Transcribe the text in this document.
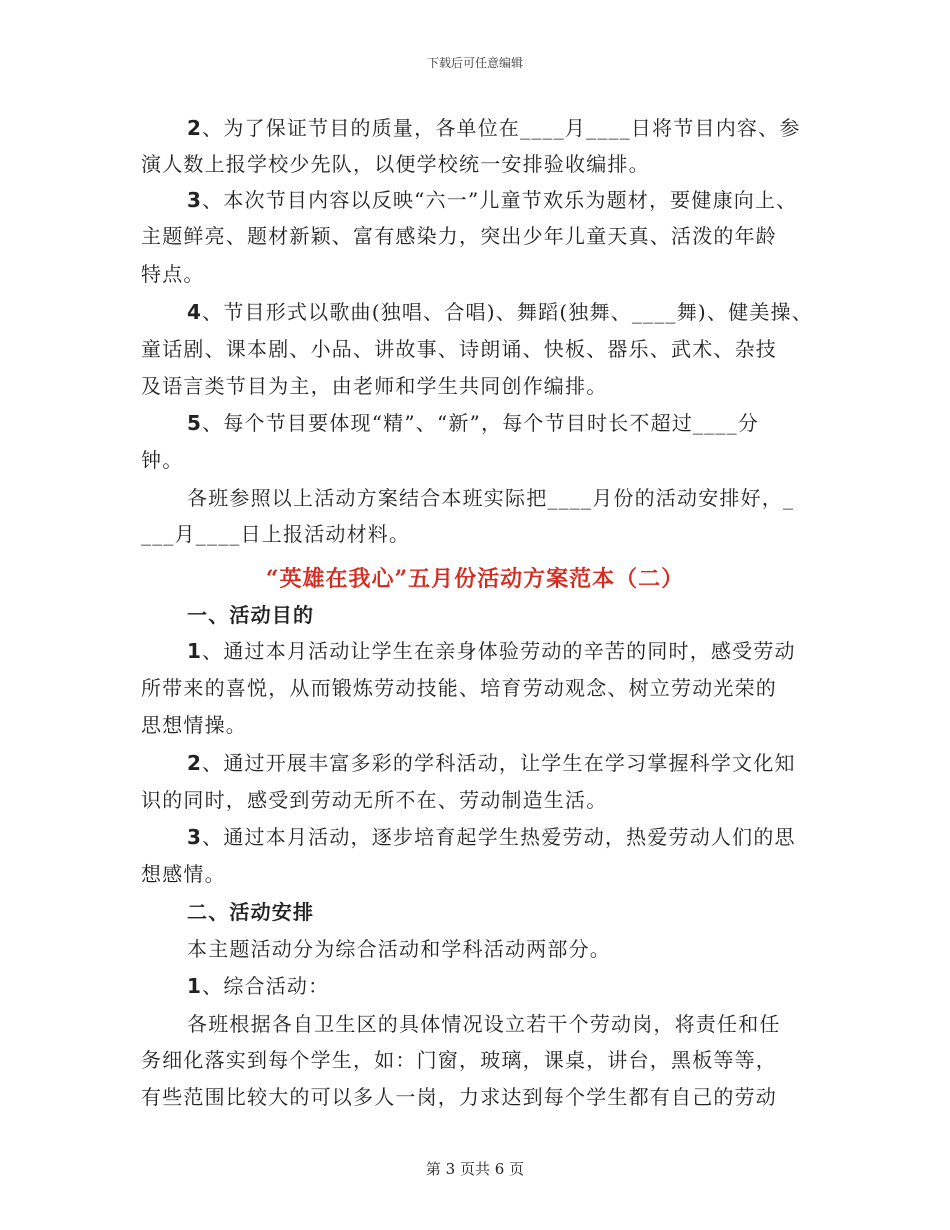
下载后可任意编辑
2、为了保证节目的质量，各单位在____月____日将节目内容、参
演人数上报学校少先队，以便学校统一安排验收编排。
3、本次节目内容以反映“六一”儿童节欢乐为题材，要健康向上、
主题鲜亮、题材新颖、富有感染力，突出少年儿童天真、活泼的年龄
特点。
4、节目形式以歌曲(独唱、合唱)、舞蹈(独舞、____舞)、健美操、
童话剧、课本剧、小品、讲故事、诗朗诵、快板、器乐、武术、杂技
及语言类节目为主，由老师和学生共同创作编排。
5、每个节目要体现“精”、“新”，每个节目时长不超过____分
钟。
各班参照以上活动方案结合本班实际把____月份的活动安排好，_
___月____日上报活动材料。
“英雄在我心”五月份活动方案范本（二）
一、活动目的
1、通过本月活动让学生在亲身体验劳动的辛苦的同时，感受劳动
所带来的喜悦，从而锻炼劳动技能、培育劳动观念、树立劳动光荣的
思想情操。
2、通过开展丰富多彩的学科活动，让学生在学习掌握科学文化知
识的同时，感受到劳动无所不在、劳动制造生活。
3、通过本月活动，逐步培育起学生热爱劳动，热爱劳动人们的思
想感情。
二、活动安排
本主题活动分为综合活动和学科活动两部分。
1、综合活动：
各班根据各自卫生区的具体情况设立若干个劳动岗，将责任和任
务细化落实到每个学生，如：门窗，玻璃，课桌，讲台，黑板等等，
有些范围比较大的可以多人一岗，力求达到每个学生都有自己的劳动
第 3 页共 6 页
